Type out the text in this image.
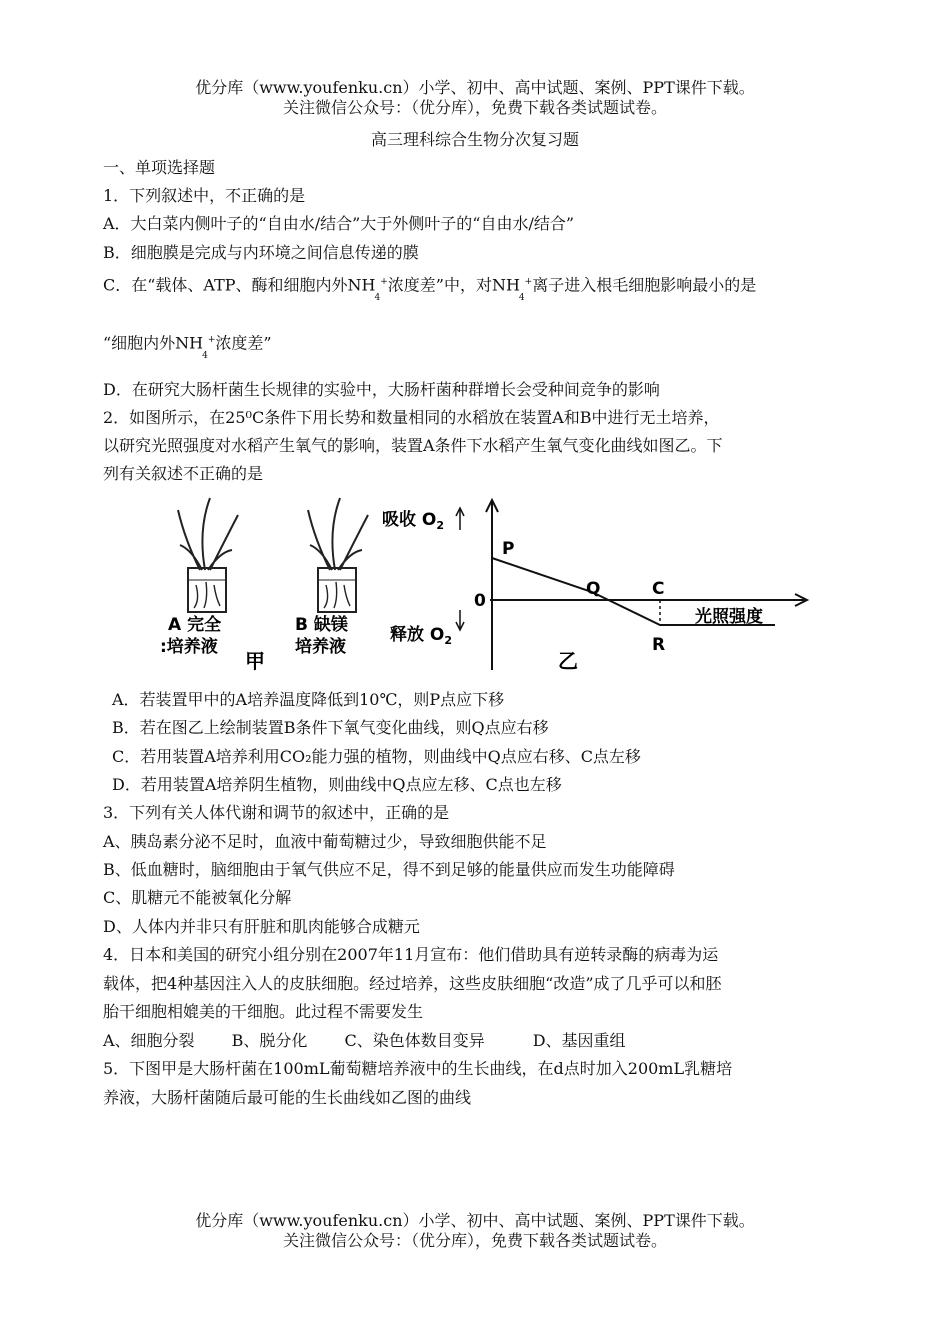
优分库（www.youfenku.cn）小学、初中、高中试题、案例、PPT课件下载。
关注微信公众号：（优分库），免费下载各类试题试卷。
高三理科综合生物分次复习题
一、单项选择题
1．下列叙述中，不正确的是
A．大白菜内侧叶子的“自由水/结合”大于外侧叶子的“自由水/结合”
B．细胞膜是完成与内环境之间信息传递的膜
C．在“载体、ATP、酶和细胞内外$NH_4^+$浓度差”中，对$NH_4^+$离子进入根毛细胞影响最小的是
“细胞内外$NH_4^+$浓度差”
D．在研究大肠杆菌生长规律的实验中，大肠杆菌种群增长会受种间竞争的影响
2．如图所示，在25⁰C条件下用长势和数量相同的水稻放在装置A和B中进行无土培养，
以研究光照强度对水稻产生氧气的影响，装置A条件下水稻产生氧气变化曲线如图乙。下
列有关叙述不正确的是
A 完全
:培养液
B 缺镁
培养液
甲
吸收 $O_2$
释放 $O_2$
0
P
Q	C
R
光照强度
乙
A．若装置甲中的A培养温度降低到10℃，则P点应下移
B．若在图乙上绘制装置B条件下氧气变化曲线，则Q点应右移
C．若用装置A培养利用CO₂能力强的植物，则曲线中Q点应右移、C点左移
D．若用装置A培养阴生植物，则曲线中Q点应左移、C点也左移
3．下列有关人体代谢和调节的叙述中，正确的是
A、胰岛素分泌不足时，血液中葡萄糖过少，导致细胞供能不足
B、低血糖时，脑细胞由于氧气供应不足，得不到足够的能量供应而发生功能障碍
C、肌糖元不能被氧化分解
D、人体内并非只有肝脏和肌肉能够合成糖元
4．日本和美国的研究小组分别在2007年11月宣布：他们借助具有逆转录酶的病毒为运
载体，把4种基因注入人的皮肤细胞。经过培养，这些皮肤细胞“改造”成了几乎可以和胚
胎干细胞相媲美的干细胞。此过程不需要发生
A、细胞分裂　　 B、脱分化　　 C、染色体数目变异　　　D、基因重组
5．下图甲是大肠杆菌在100mL葡萄糖培养液中的生长曲线，在d点时加入200mL乳糖培
养液，大肠杆菌随后最可能的生长曲线如乙图的曲线
优分库（www.youfenku.cn）小学、初中、高中试题、案例、PPT课件下载。
关注微信公众号：（优分库），免费下载各类试题试卷。
